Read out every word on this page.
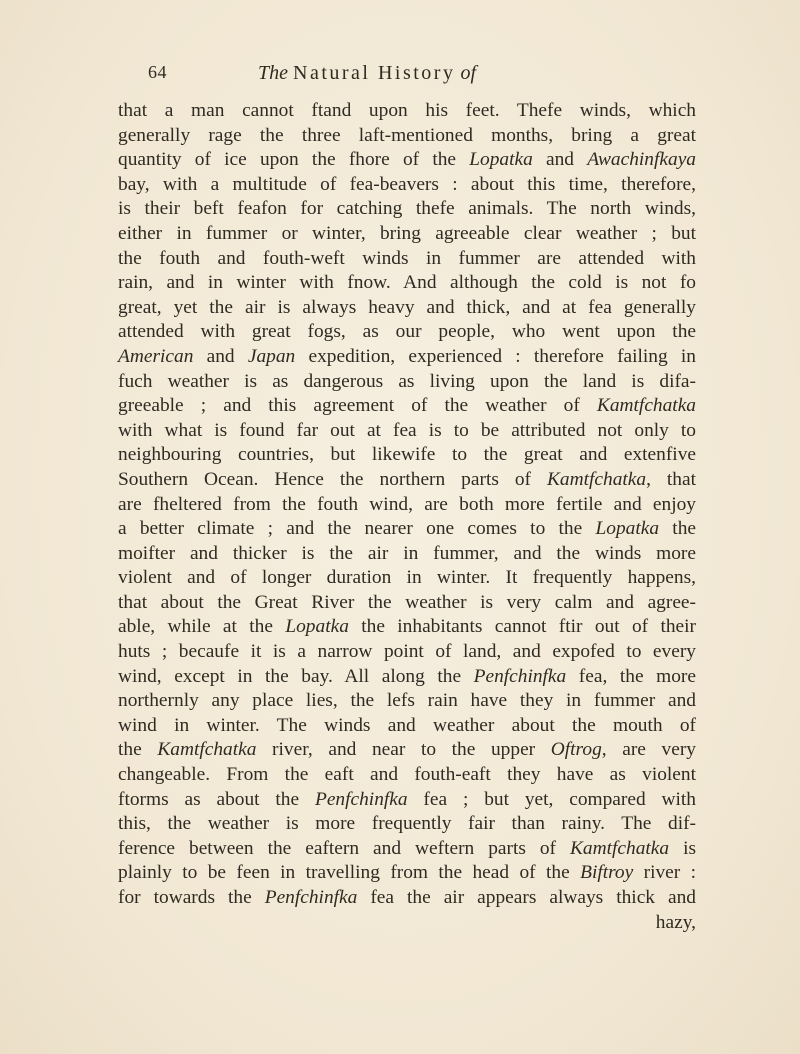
64	The Natural History of
that a man cannot ftand upon his feet. Thefe winds, which
generally rage the three laft-mentioned months, bring a great
quantity of ice upon the fhore of the Lopatka and Awachinfkaya
bay, with a multitude of fea-beavers : about this time, therefore,
is their beft feafon for catching thefe animals. The north winds,
either in fummer or winter, bring agreeable clear weather ; but
the fouth and fouth-weft winds in fummer are attended with
rain, and in winter with fnow. And although the cold is not fo
great, yet the air is always heavy and thick, and at fea generally
attended with great fogs, as our people, who went upon the
American and Japan expedition, experienced : therefore failing in
fuch weather is as dangerous as living upon the land is difa-
greeable ; and this agreement of the weather of Kamtfchatka
with what is found far out at fea is to be attributed not only to
neighbouring countries, but likewife to the great and extenfive
Southern Ocean. Hence the northern parts of Kamtfchatka, that
are fheltered from the fouth wind, are both more fertile and enjoy
a better climate ; and the nearer one comes to the Lopatka the
moifter and thicker is the air in fummer, and the winds more
violent and of longer duration in winter. It frequently happens,
that about the Great River the weather is very calm and agree-
able, while at the Lopatka the inhabitants cannot ftir out of their
huts ; becaufe it is a narrow point of land, and expofed to every
wind, except in the bay. All along the Penfchinfka fea, the more
northernly any place lies, the lefs rain have they in fummer and
wind in winter. The winds and weather about the mouth of
the Kamtfchatka river, and near to the upper Oftrog, are very
changeable. From the eaft and fouth-eaft they have as violent
ftorms as about the Penfchinfka fea ; but yet, compared with
this, the weather is more frequently fair than rainy. The dif-
ference between the eaftern and weftern parts of Kamtfchatka is
plainly to be feen in travelling from the head of the Biftroy river :
for towards the Penfchinfka fea the air appears always thick and
hazy,
